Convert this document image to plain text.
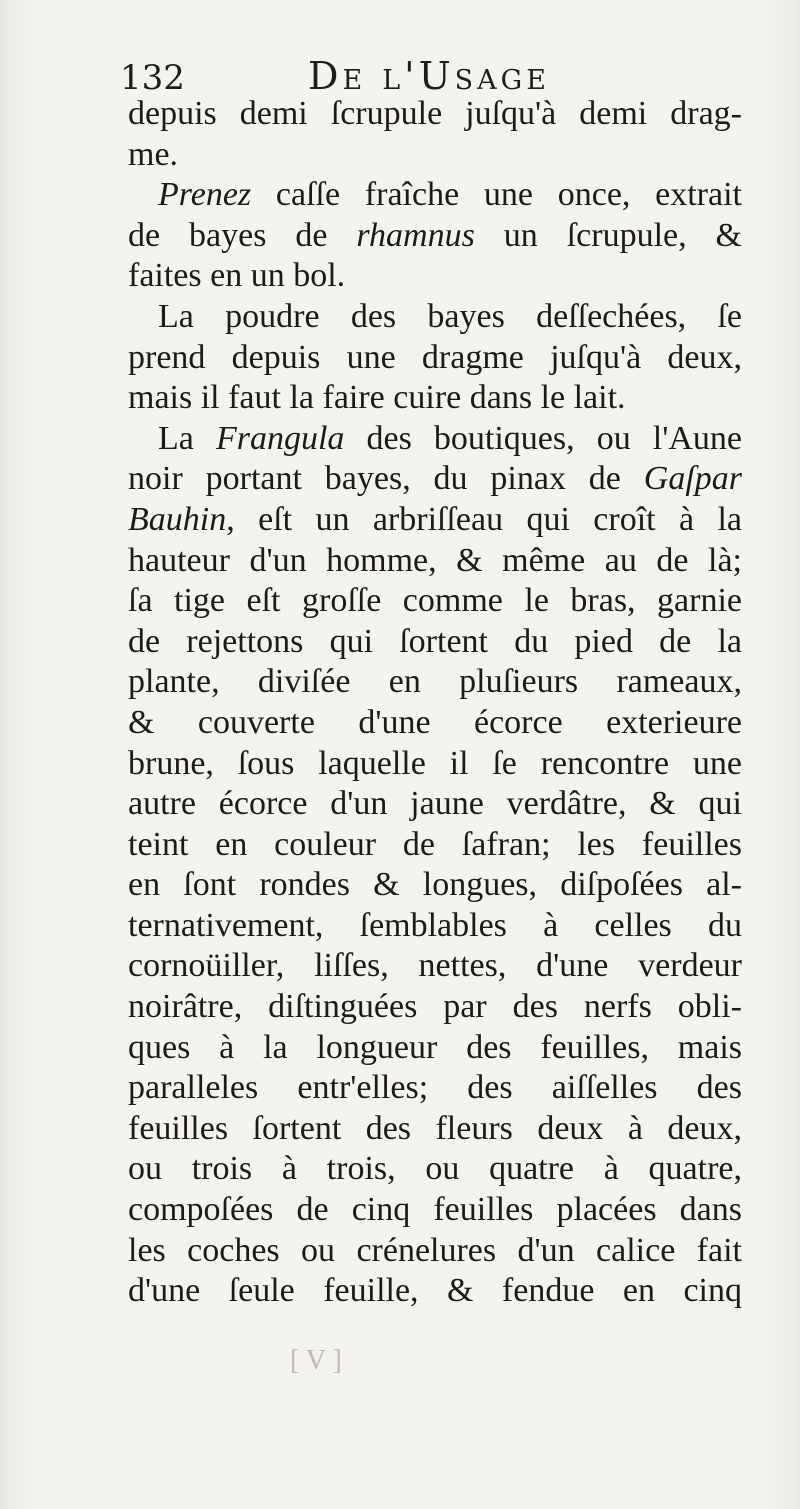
132	De l'Usage
depuis demi ſcrupule juſqu'à demi drag-
me.
Prenez caſſe fraîche une once, extrait
de bayes de rhamnus un ſcrupule, &
faites en un bol.
La poudre des bayes deſſechées, ſe
prend depuis une dragme juſqu'à deux,
mais il faut la faire cuire dans le lait.
La Frangula des boutiques, ou l'Aune
noir portant bayes, du pinax de Gaſpar
Bauhin, eſt un arbriſſeau qui croît à la
hauteur d'un homme, & même au de là;
ſa tige eſt groſſe comme le bras, garnie
de rejettons qui ſortent du pied de la
plante, diviſée en pluſieurs rameaux,
& couverte d'une écorce exterieure
brune, ſous laquelle il ſe rencontre une
autre écorce d'un jaune verdâtre, & qui
teint en couleur de ſafran; les feuilles
en ſont rondes & longues, diſpoſées al-
ternativement, ſemblables à celles du
cornoüiller, liſſes, nettes, d'une verdeur
noirâtre, diſtinguées par des nerfs obli-
ques à la longueur des feuilles, mais
paralleles entr'elles; des aiſſelles des
feuilles ſortent des fleurs deux à deux,
ou trois à trois, ou quatre à quatre,
compoſées de cinq feuilles placées dans
les coches ou crénelures d'un calice fait
d'une ſeule feuille, & fendue en cinq
[ V ]
